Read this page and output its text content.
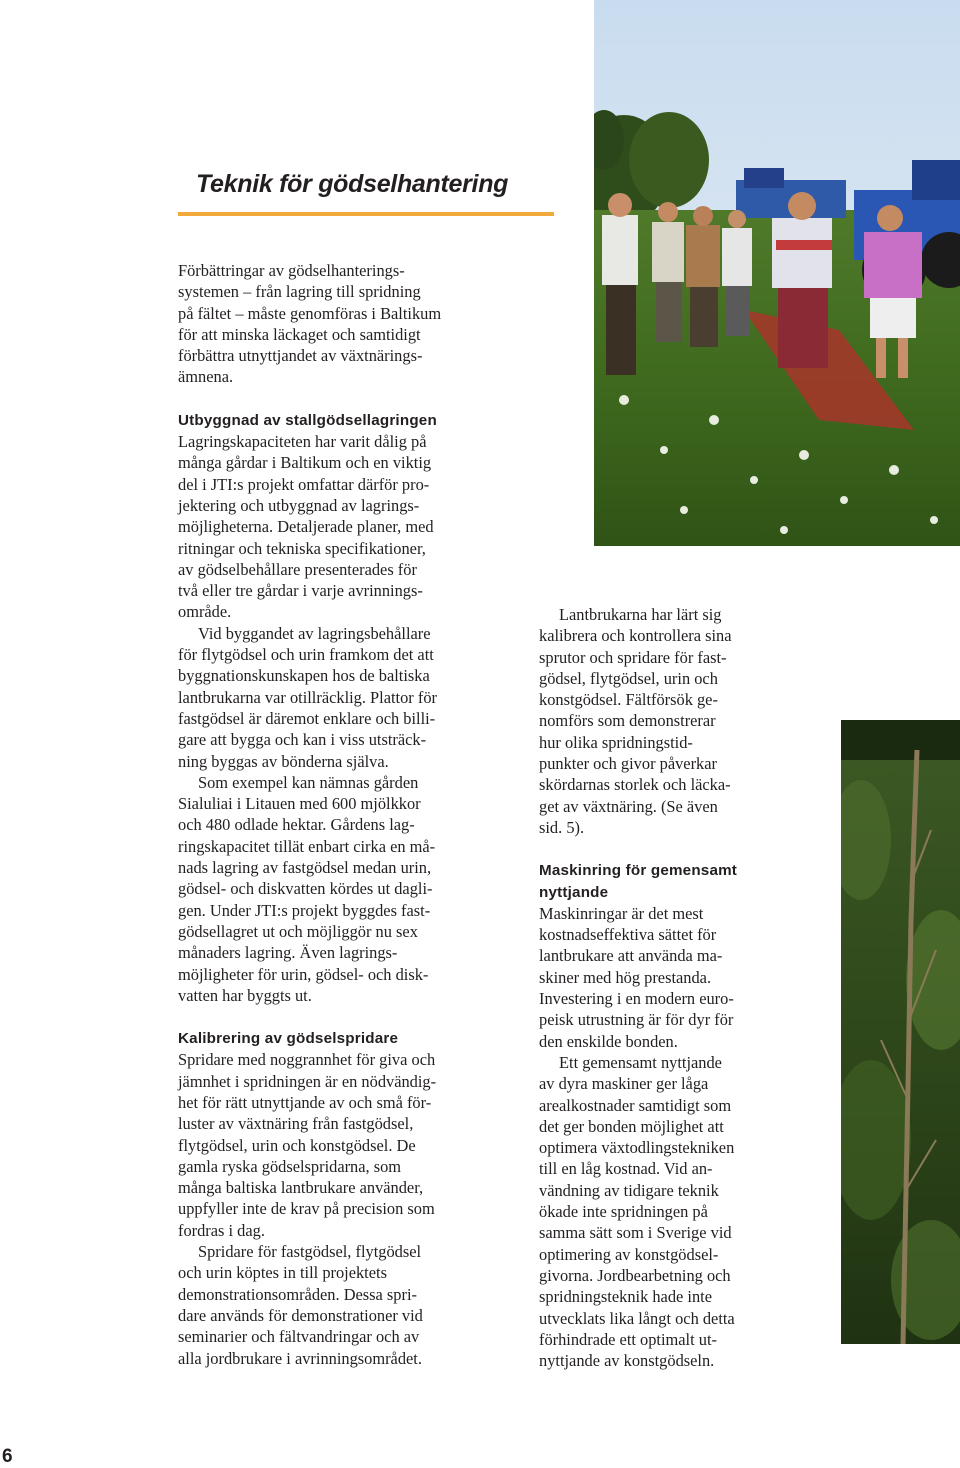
Teknik för gödselhantering

Förbättringar av gödselhanterings-
systemen – från lagring till spridning
på fältet – måste genomföras i Baltikum
för att minska läckaget och samtidigt
förbättra utnyttjandet av växtnärings-
ämnena.

Utbyggnad av stallgödsellagringen

Lagringskapaciteten har varit dålig på
många gårdar i Baltikum och en viktig
del i JTI:s projekt omfattar därför pro-
jektering och utbyggnad av lagrings-
möjligheterna. Detaljerade planer, med
ritningar och tekniska specifikationer,
av gödselbehållare presenterades för
två eller tre gårdar i varje avrinnings-
område.

Vid byggandet av lagringsbehållare
för flytgödsel och urin framkom det att
byggnationskunskapen hos de baltiska
lantbrukarna var otillräcklig. Plattor för
fastgödsel är däremot enklare och billi-
gare att bygga och kan i viss utsträck-
ning byggas av bönderna själva.

Som exempel kan nämnas gården
Sialuliai i Litauen med 600 mjölkkor
och 480 odlade hektar. Gårdens lag-
ringskapacitet tillät enbart cirka en må-
nads lagring av fastgödsel medan urin,
gödsel- och diskvatten kördes ut dagli-
gen. Under JTI:s projekt byggdes fast-
gödsellagret ut och möjliggör nu sex
månaders lagring. Även lagrings-
möjligheter för urin, gödsel- och disk-
vatten har byggts ut.

Kalibrering av gödselspridare

Spridare med noggrannhet för giva och
jämnhet i spridningen är en nödvändig-
het för rätt utnyttjande av och små för-
luster av växtnäring från fastgödsel,
flytgödsel, urin och konstgödsel. De
gamla ryska gödselspridarna, som
många baltiska lantbrukare använder,
uppfyller inte de krav på precision som
fordras i dag.

Spridare för fastgödsel, flytgödsel
och urin köptes in till projektets
demonstrationsområden. Dessa spri-
dare används för demonstrationer vid
seminarier och fältvandringar och av
alla jordbrukare i avrinningsområdet.

Lantbrukarna har lärt sig
kalibrera och kontrollera sina
sprutor och spridare för fast-
gödsel, flytgödsel, urin och
konstgödsel. Fältförsök ge-
nomförs som demonstrerar
hur olika spridningstid-
punkter och givor påverkar
skördarnas storlek och läcka-
get av växtnäring. (Se även
sid. 5).

Maskinring för gemensamt
nyttjande

Maskinringar är det mest
kostnadseffektiva sättet för
lantbrukare att använda ma-
skiner med hög prestanda.
Investering i en modern euro-
peisk utrustning är för dyr för
den enskilde bonden.

Ett gemensamt nyttjande
av dyra maskiner ger låga
arealkostnader samtidigt som
det ger bonden möjlighet att
optimera växtodlingstekniken
till en låg kostnad. Vid an-
vändning av tidigare teknik
ökade inte spridningen på
samma sätt som i Sverige vid
optimering av konstgödsel-
givorna. Jordbearbetning och
spridningsteknik hade inte
utvecklats lika långt och detta
förhindrade ett optimalt ut-
nyttjande av konstgödseln.

6
